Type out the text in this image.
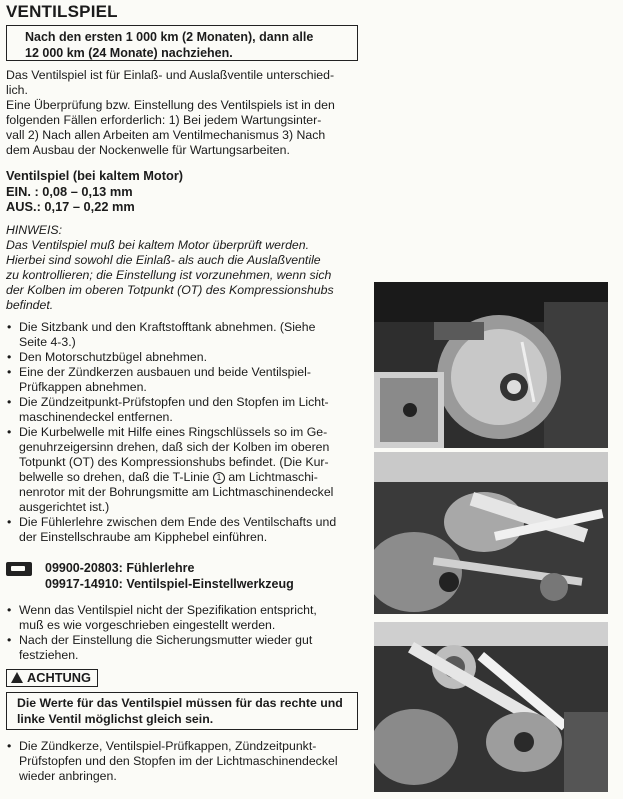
VENTILSPIEL
Nach den ersten 1 000 km (2 Monaten), dann alle
12 000 km (24 Monate) nachziehen.
Das Ventilspiel ist für Einlaß- und Auslaßventile unterschied-
lich.
Eine Überprüfung bzw. Einstellung des Ventilspiels ist in den
folgenden Fällen erforderlich: 1) Bei jedem Wartungsinter-
vall 2) Nach allen Arbeiten am Ventilmechanismus 3) Nach
dem Ausbau der Nockenwelle für Wartungsarbeiten.
Ventilspiel (bei kaltem Motor)
EIN. : 0,08 – 0,13 mm
AUS.: 0,17 – 0,22 mm
HINWEIS:
Das Ventilspiel muß bei kaltem Motor überprüft werden.
Hierbei sind sowohl die Einlaß- als auch die Auslaßventile
zu kontrollieren; die Einstellung ist vorzunehmen, wenn sich
der Kolben im oberen Totpunkt (OT) des Kompressionshubs
befindet.
• Die Sitzbank und den Kraftstofftank abnehmen. (Siehe
Seite 4-3.)
• Den Motorschutzbügel abnehmen.
• Eine der Zündkerzen ausbauen und beide Ventilspiel-
Prüfkappen abnehmen.
• Die Zündzeitpunkt-Prüfstopfen und den Stopfen im Licht-
maschinendeckel entfernen.
• Die Kurbelwelle mit Hilfe eines Ringschlüssels so im Ge-
genuhrzeigersinn drehen, daß sich der Kolben im oberen
Totpunkt (OT) des Kompressionshubs befindet. (Die Kur-
belwelle so drehen, daß die T-Linie 1 am Lichtmaschi-
nenrotor mit der Bohrungsmitte am Lichtmaschinendeckel
ausgerichtet ist.)
• Die Fühlerlehre zwischen dem Ende des Ventilschafts und
der Einstellschraube am Kipphebel einführen.
09900-20803: Fühlerlehre
09917-14910: Ventilspiel-Einstellwerkzeug
• Wenn das Ventilspiel nicht der Spezifikation entspricht,
muß es wie vorgeschrieben eingestellt werden.
• Nach der Einstellung die Sicherungsmutter wieder gut
festziehen.
ACHTUNG
Die Werte für das Ventilspiel müssen für das rechte und
linke Ventil möglichst gleich sein.
• Die Zündkerze, Ventilspiel-Prüfkappen, Zündzeitpunkt-
Prüfstopfen und den Stopfen im der Lichtmaschinendeckel
wieder anbringen.
